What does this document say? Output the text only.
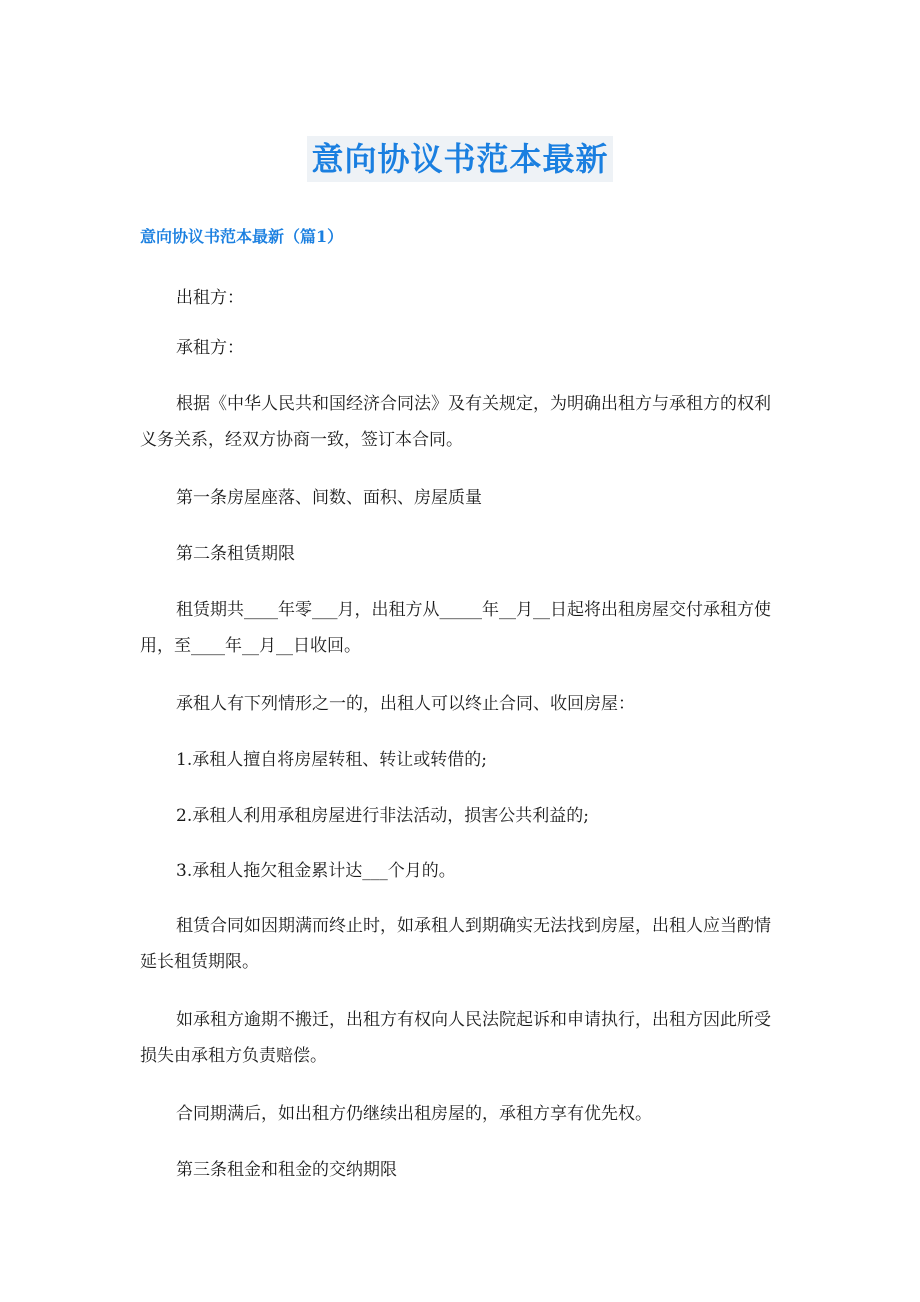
意向协议书范本最新
意向协议书范本最新（篇1）

出租方：

承租方：

根据《中华人民共和国经济合同法》及有关规定，为明确出租方与承租方的权利义务关系，经双方协商一致，签订本合同。

第一条房屋座落、间数、面积、房屋质量

第二条租赁期限

租赁期共____年零___月，出租方从_____年__月__日起将出租房屋交付承租方使用，至____年__月__日收回。

承租人有下列情形之一的，出租人可以终止合同、收回房屋：

1.承租人擅自将房屋转租、转让或转借的;

2.承租人利用承租房屋进行非法活动，损害公共利益的;

3.承租人拖欠租金累计达___个月的。

租赁合同如因期满而终止时，如承租人到期确实无法找到房屋，出租人应当酌情延长租赁期限。

如承租方逾期不搬迁，出租方有权向人民法院起诉和申请执行，出租方因此所受损失由承租方负责赔偿。

合同期满后，如出租方仍继续出租房屋的，承租方享有优先权。

第三条租金和租金的交纳期限
